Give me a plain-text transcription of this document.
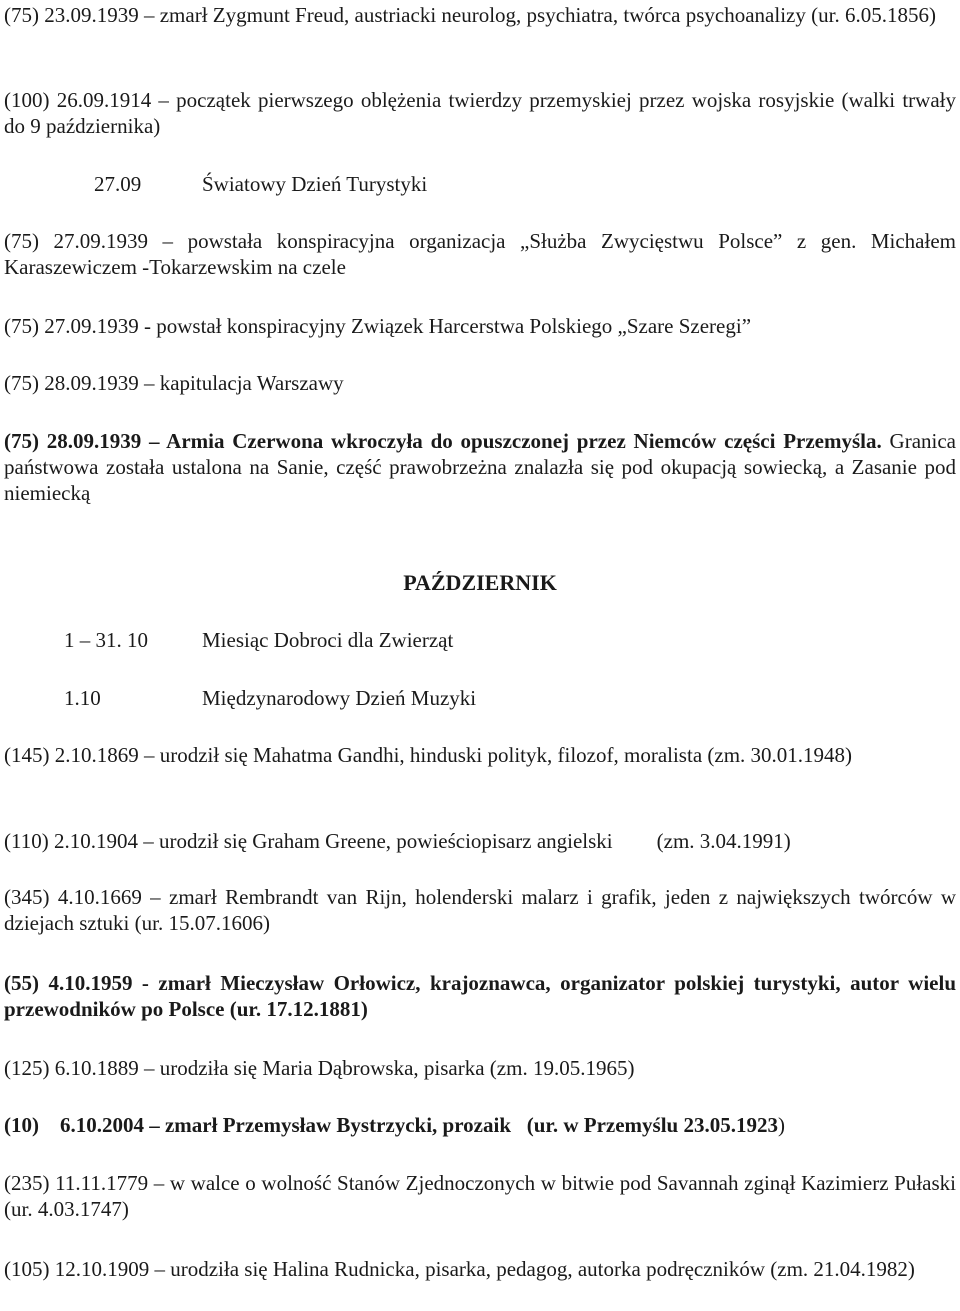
(75) 23.09.1939 – zmarł Zygmunt Freud, austriacki neurolog, psychiatra, twórca psychoanalizy (ur. 6.05.1856)

(100) 26.09.1914 – początek pierwszego oblężenia twierdzy przemyskiej przez wojska rosyjskie (walki trwały do 9 października)

27.09	Światowy Dzień Turystyki

(75) 27.09.1939 – powstała konspiracyjna organizacja „Służba Zwycięstwu Polsce” z gen. Michałem Karaszewiczem -Tokarzewskim na czele

(75) 27.09.1939 - powstał konspiracyjny Związek Harcerstwa Polskiego „Szare Szeregi”

(75) 28.09.1939 – kapitulacja Warszawy

(75) 28.09.1939 – Armia Czerwona wkroczyła do opuszczonej przez Niemców części Przemyśla. Granica państwowa została ustalona na Sanie, część prawobrzeżna znalazła się pod okupacją sowiecką, a Zasanie pod niemiecką

PAŹDZIERNIK
1 – 31. 10	Miesiąc Dobroci dla Zwierząt
1.10	Międzynarodowy Dzień Muzyki

(145) 2.10.1869 – urodził się Mahatma Gandhi, hinduski polityk, filozof, moralista (zm. 30.01.1948)

(110) 2.10.1904 – urodził się Graham Greene, powieściopisarz angielski (zm. 3.04.1991)

(345) 4.10.1669 – zmarł Rembrandt van Rijn, holenderski malarz i grafik, jeden z największych twórców w dziejach sztuki (ur. 15.07.1606)

(55) 4.10.1959 - zmarł Mieczysław Orłowicz, krajoznawca, organizator polskiej turystyki, autor wielu przewodników po Polsce (ur. 17.12.1881)

(125) 6.10.1889 – urodziła się Maria Dąbrowska, pisarka (zm. 19.05.1965)

(10)    6.10.2004 – zmarł Przemysław Bystrzycki, prozaik   (ur. w Przemyślu 23.05.1923)

(235) 11.11.1779 – w walce o wolność Stanów Zjednoczonych w bitwie pod Savannah zginął Kazimierz Pułaski (ur. 4.03.1747)

(105) 12.10.1909 – urodziła się Halina Rudnicka, pisarka, pedagog, autorka podręczników (zm. 21.04.1982)
